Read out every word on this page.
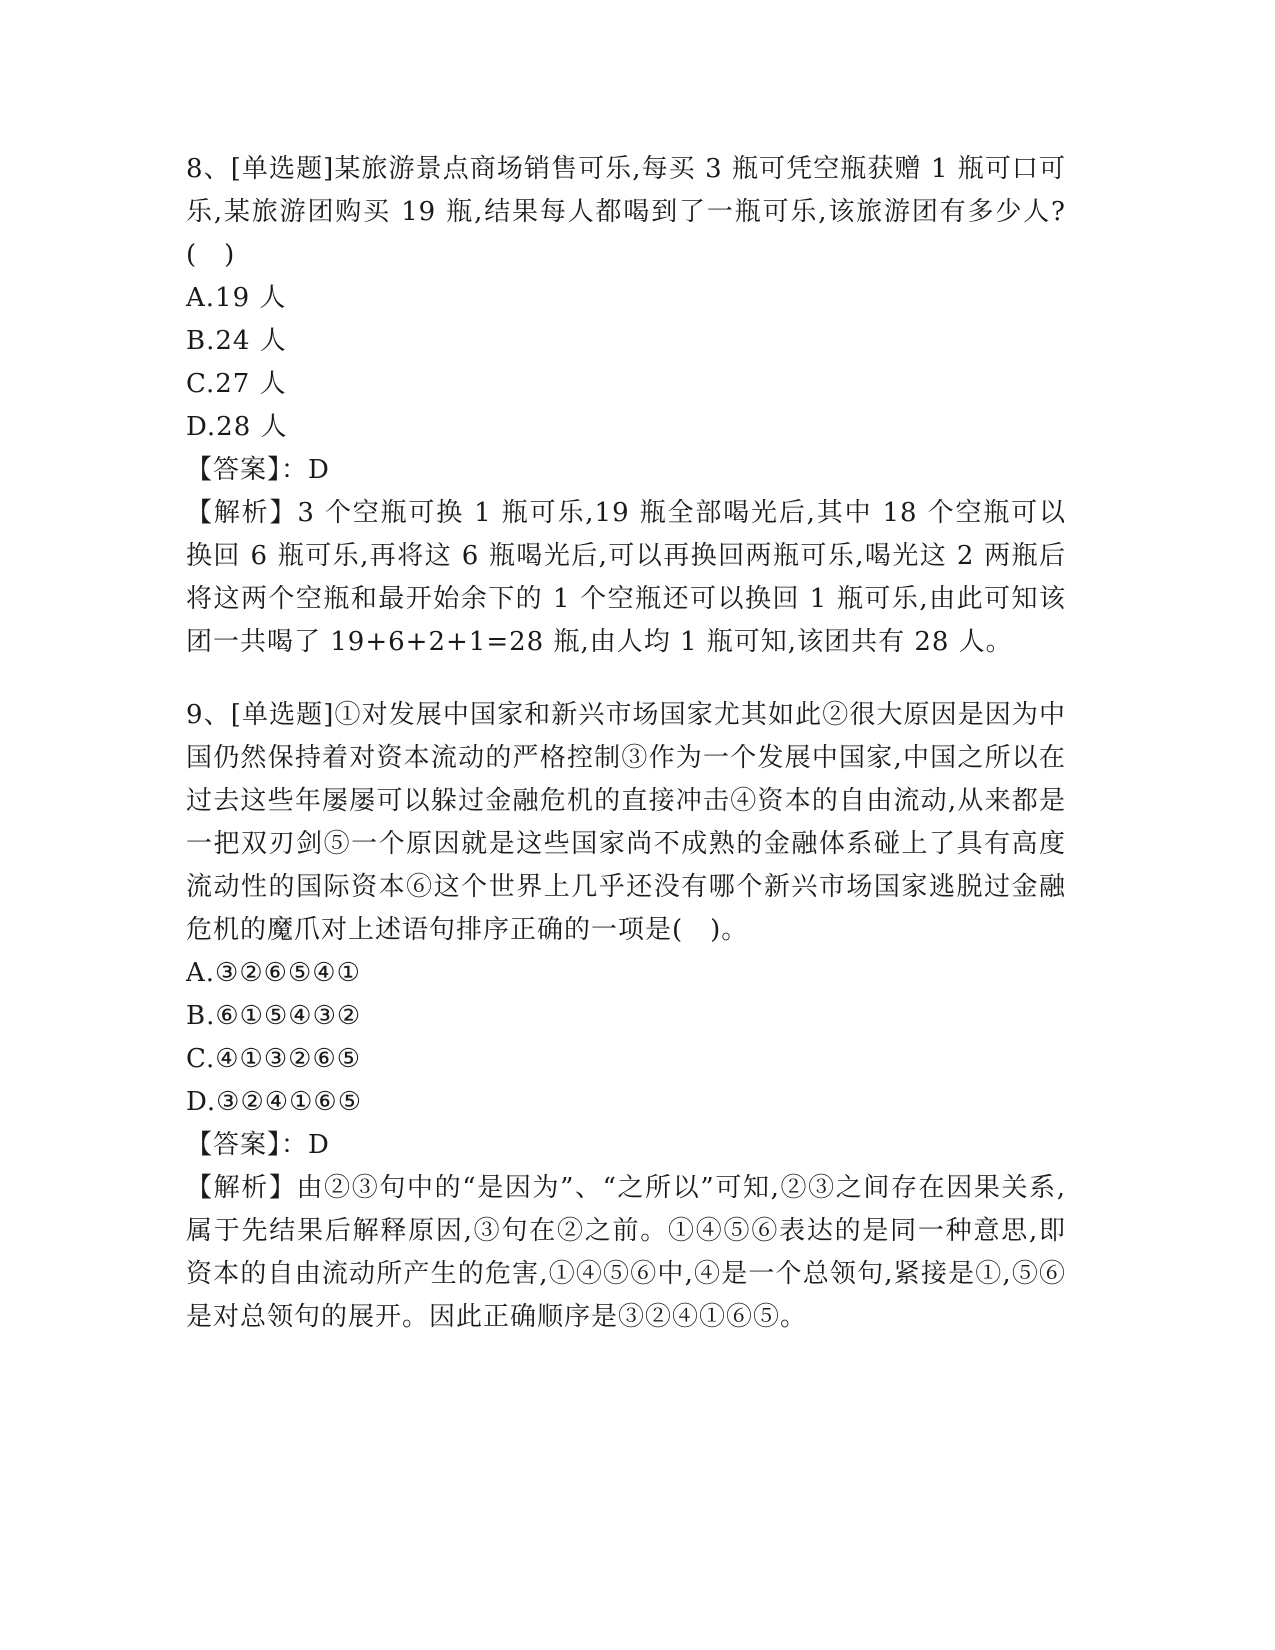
8、[单选题]某旅游景点商场销售可乐,每买 3 瓶可凭空瓶获赠 1 瓶可口可乐,某旅游团购买 19 瓶,结果每人都喝到了一瓶可乐,该旅游团有多少人?(　)

A.19 人

B.24 人

C.27 人

D.28 人

【答案】：D

【解析】3 个空瓶可换 1 瓶可乐,19 瓶全部喝光后,其中 18 个空瓶可以换回 6 瓶可乐,再将这 6 瓶喝光后,可以再换回两瓶可乐,喝光这 2 两瓶后将这两个空瓶和最开始余下的 1 个空瓶还可以换回 1 瓶可乐,由此可知该团一共喝了 19+6+2+1=28 瓶,由人均 1 瓶可知,该团共有 28 人。

9、[单选题]①对发展中国家和新兴市场国家尤其如此②很大原因是因为中国仍然保持着对资本流动的严格控制③作为一个发展中国家,中国之所以在过去这些年屡屡可以躲过金融危机的直接冲击④资本的自由流动,从来都是一把双刃剑⑤一个原因就是这些国家尚不成熟的金融体系碰上了具有高度流动性的国际资本⑥这个世界上几乎还没有哪个新兴市场国家逃脱过金融危机的魔爪对上述语句排序正确的一项是(　)。

A.③②⑥⑤④①

B.⑥①⑤④③②

C.④①③②⑥⑤

D.③②④①⑥⑤

【答案】：D

【解析】由②③句中的“是因为”、“之所以”可知,②③之间存在因果关系,属于先结果后解释原因,③句在②之前。①④⑤⑥表达的是同一种意思,即资本的自由流动所产生的危害,①④⑤⑥中,④是一个总领句,紧接是①,⑤⑥是对总领句的展开。因此正确顺序是③②④①⑥⑤。
